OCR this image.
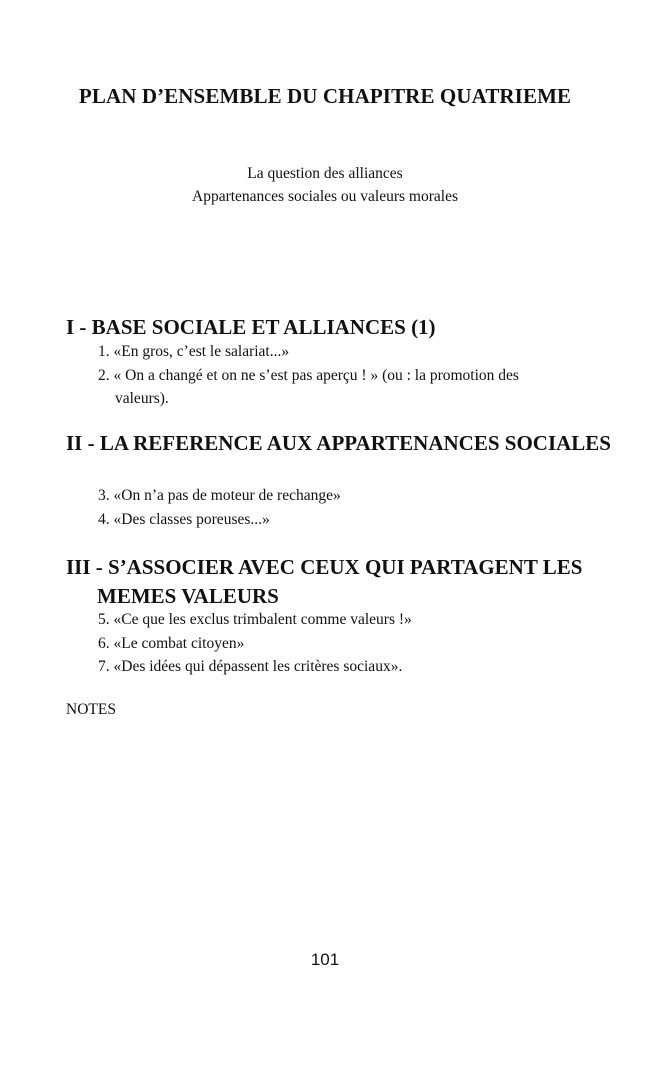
PLAN D’ENSEMBLE DU CHAPITRE QUATRIEME
La question des alliances
Appartenances sociales ou valeurs morales
I - BASE SOCIALE ET ALLIANCES (1)
1. «En gros, c’est le salariat...»
2. « On a changé et on ne s’est pas aperçu ! » (ou : la promotion des valeurs).
II - LA REFERENCE AUX APPARTENANCES SOCIALES
3. «On n’a pas de moteur de rechange»
4. «Des classes poreuses...»
III - S’ASSOCIER AVEC CEUX QUI PARTAGENT LES MEMES VALEURS
5. «Ce que les exclus trimbalent comme valeurs !»
6. «Le combat citoyen»
7. «Des idées qui dépassent les critères sociaux».
NOTES
101
